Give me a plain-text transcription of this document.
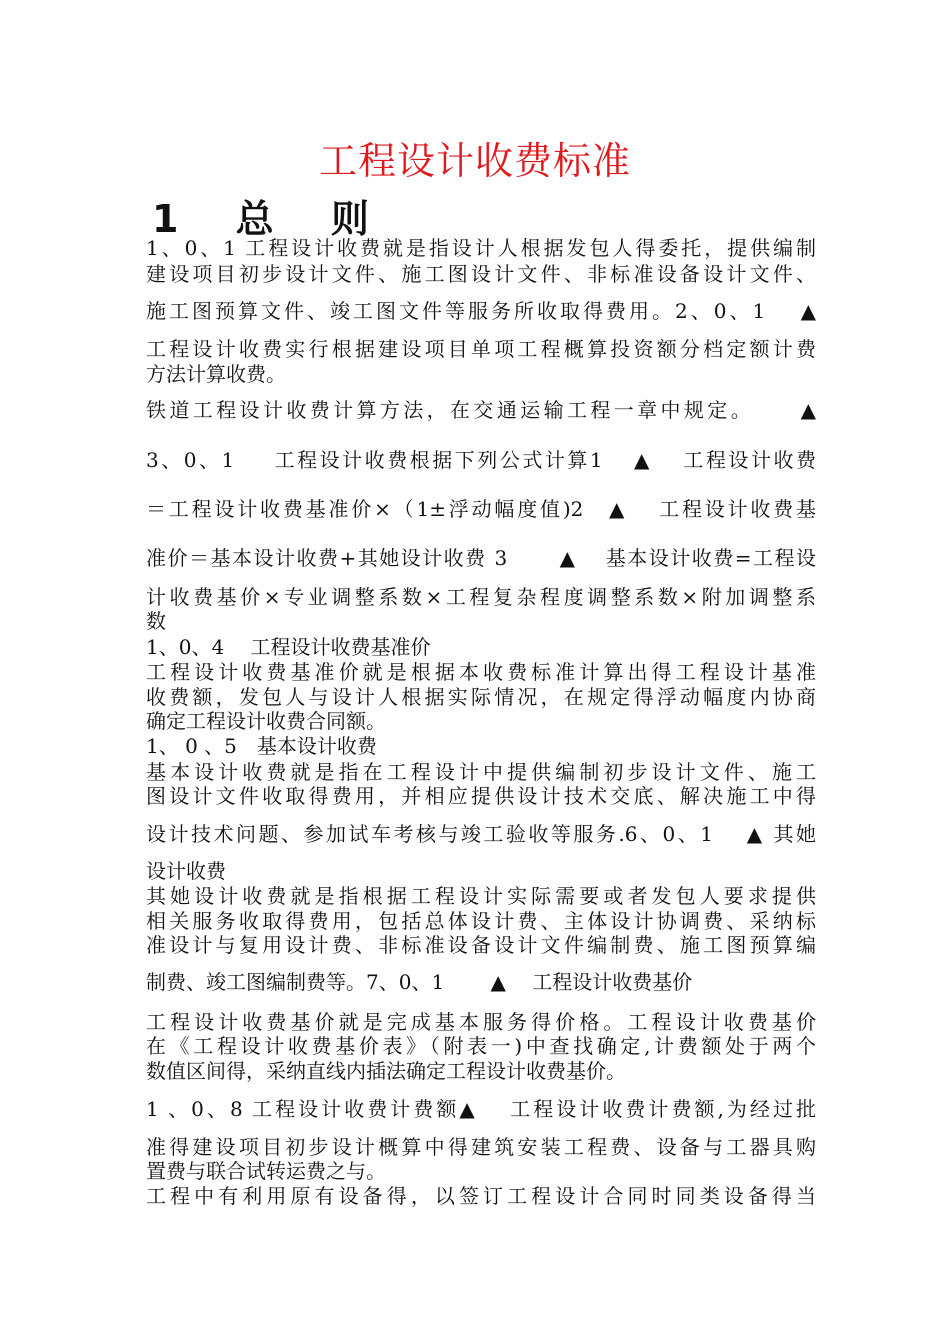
工程设计收费标准
1　 总　 则
1、0、1 工程设计收费就是指设计人根据发包人得委托，提供编制
建设项目初步设计文件、施工图设计文件、非标准设备设计文件、
施工图预算文件、竣工图文件等服务所收取得费用。2、0、1　 ▲
工程设计收费实行根据建设项目单项工程概算投资额分档定额计费
方法计算收费。
铁道工程设计收费计算方法，在交通运输工程一章中规定。　　 ▲
3、0、1 　 工程设计收费根据下列公式计算1 　▲　 工程设计收费
＝工程设计收费基准价×（1±浮动幅度值)2　▲ 　工程设计收费基
准价＝基本设计收费+其她设计收费 3　　 ▲ 　基本设计收费=工程设
计收费基价×专业调整系数×工程复杂程度调整系数×附加调整系
数
1、0、4　 工程设计收费基准价
工程设计收费基准价就是根据本收费标准计算出得工程设计基准
收费额，发包人与设计人根据实际情况，在规定得浮动幅度内协商
确定工程设计收费合同额。
1、 0 、5　基本设计收费
基本设计收费就是指在工程设计中提供编制初步设计文件、施工
图设计文件收取得费用，并相应提供设计技术交底、解决施工中得
设计技术问题、参加试车考核与竣工验收等服务.6、0、1　 ▲ 其她
设计收费
其她设计收费就是指根据工程设计实际需要或者发包人要求提供
相关服务收取得费用，包括总体设计费、主体设计协调费、采纳标
准设计与复用设计费、非标准设备设计文件编制费、施工图预算编
制费、竣工图编制费等。7、0、1 　　▲ 　工程设计收费基价
工程设计收费基价就是完成基本服务得价格。工程设计收费基价
在《工程设计收费基价表》（附表一)中查找确定,计费额处于两个
数值区间得，采纳直线内插法确定工程设计收费基价。
1 、0、8 工程设计收费计费额▲　 工程设计收费计费额,为经过批
准得建设项目初步设计概算中得建筑安装工程费、设备与工器具购
置费与联合试转运费之与。
工程中有利用原有设备得，以签订工程设计合同时同类设备得当
